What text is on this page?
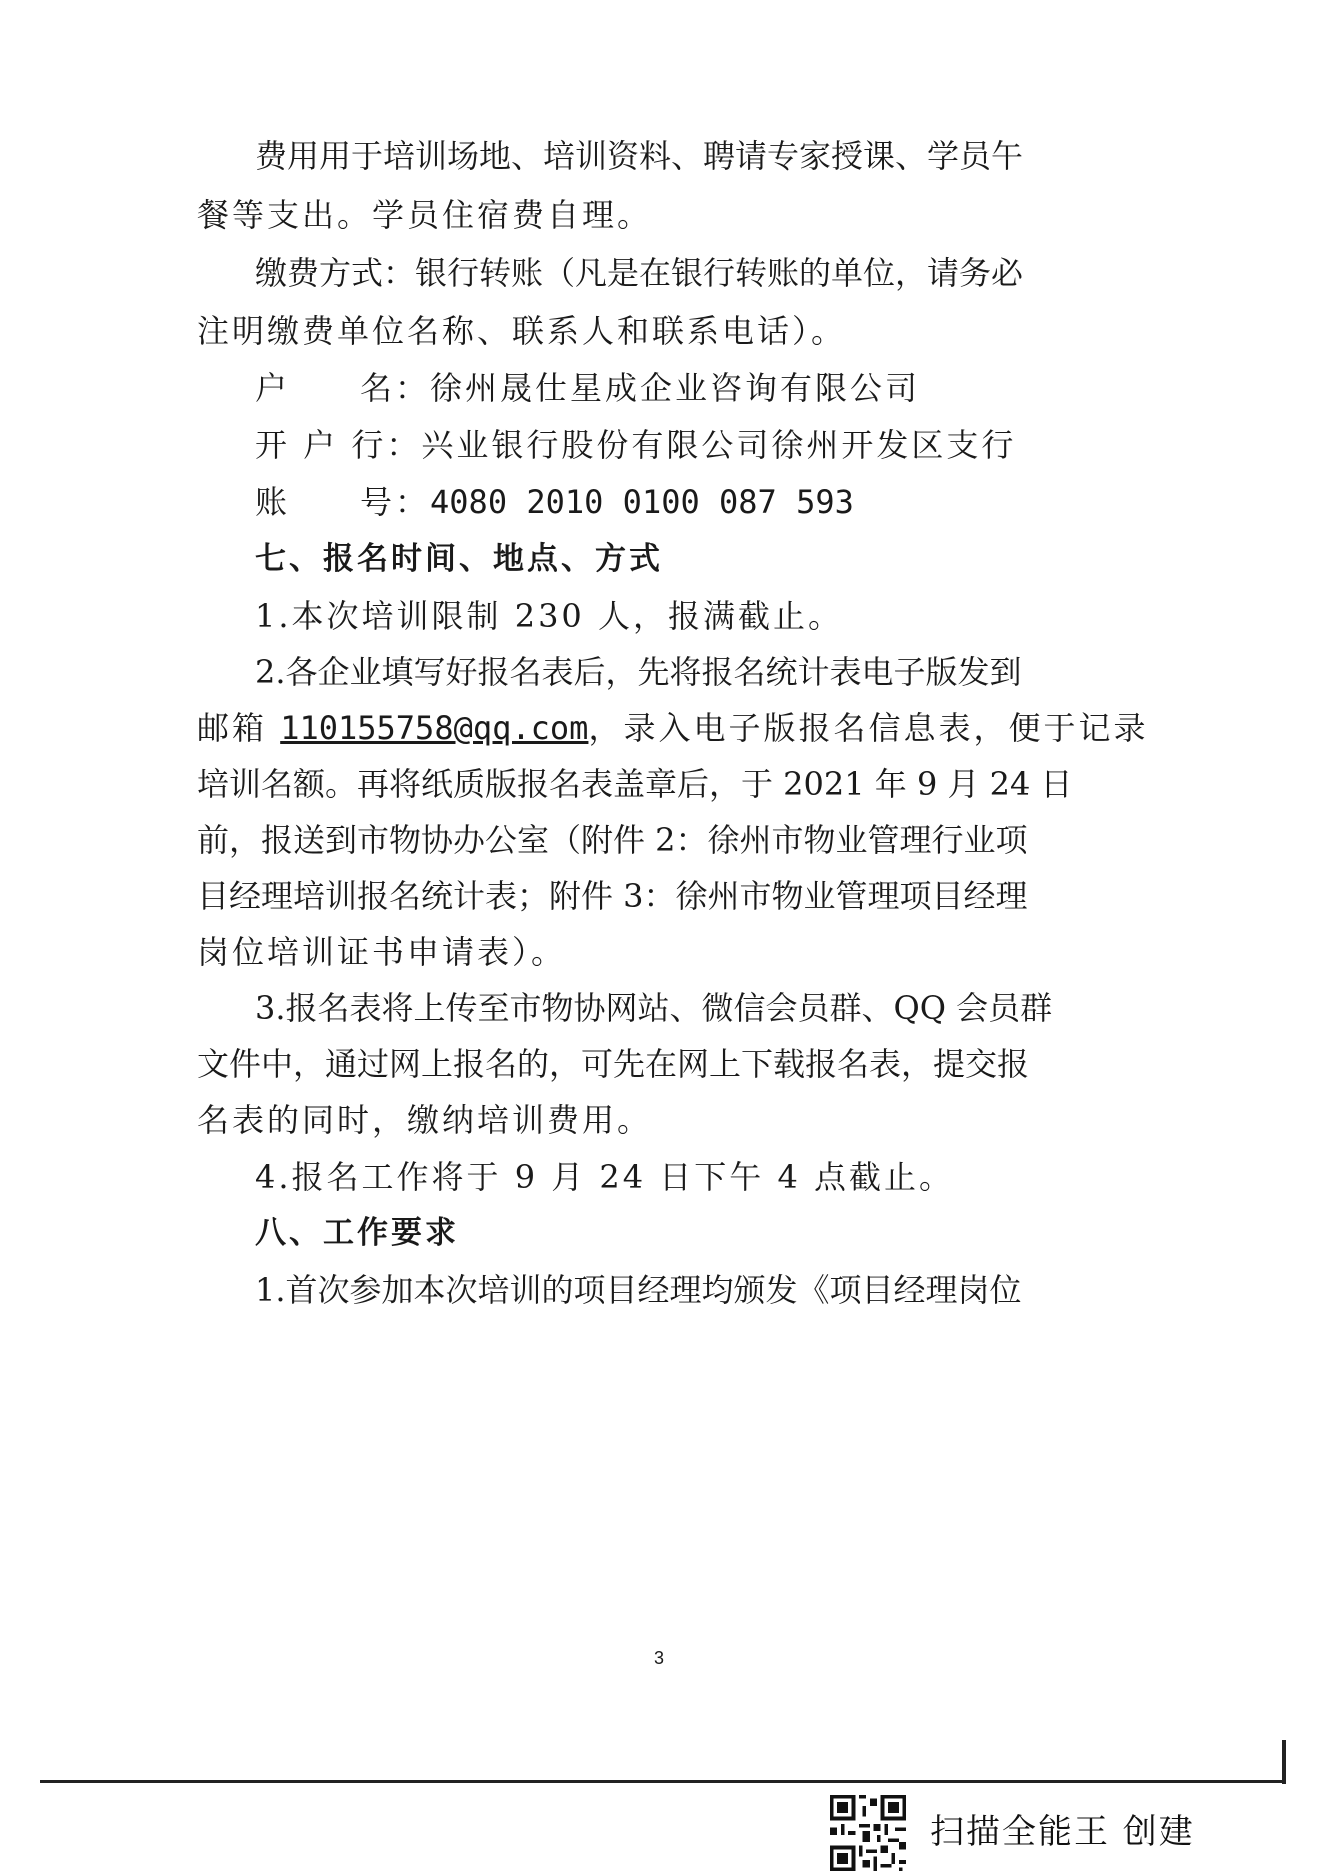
费用用于培训场地、培训资料、聘请专家授课、学员午
餐等支出。学员住宿费自理。
缴费方式：银行转账（凡是在银行转账的单位，请务必
注明缴费单位名称、联系人和联系电话）。
户　　名：徐州晟仕星成企业咨询有限公司
开 户 行：兴业银行股份有限公司徐州开发区支行
账　　号：4080 2010 0100 087 593
七、报名时间、地点、方式
1.本次培训限制 230 人，报满截止。
2.各企业填写好报名表后，先将报名统计表电子版发到
邮箱 110155758@qq.com，录入电子版报名信息表，便于记录
培训名额。再将纸质版报名表盖章后，于 2021 年 9 月 24 日
前，报送到市物协办公室（附件 2：徐州市物业管理行业项
目经理培训报名统计表；附件 3：徐州市物业管理项目经理
岗位培训证书申请表）。
3.报名表将上传至市物协网站、微信会员群、QQ 会员群
文件中，通过网上报名的，可先在网上下载报名表，提交报
名表的同时，缴纳培训费用。
4.报名工作将于 9 月 24 日下午 4 点截止。
八、工作要求
1.首次参加本次培训的项目经理均颁发《项目经理岗位
3
扫描全能王 创建
